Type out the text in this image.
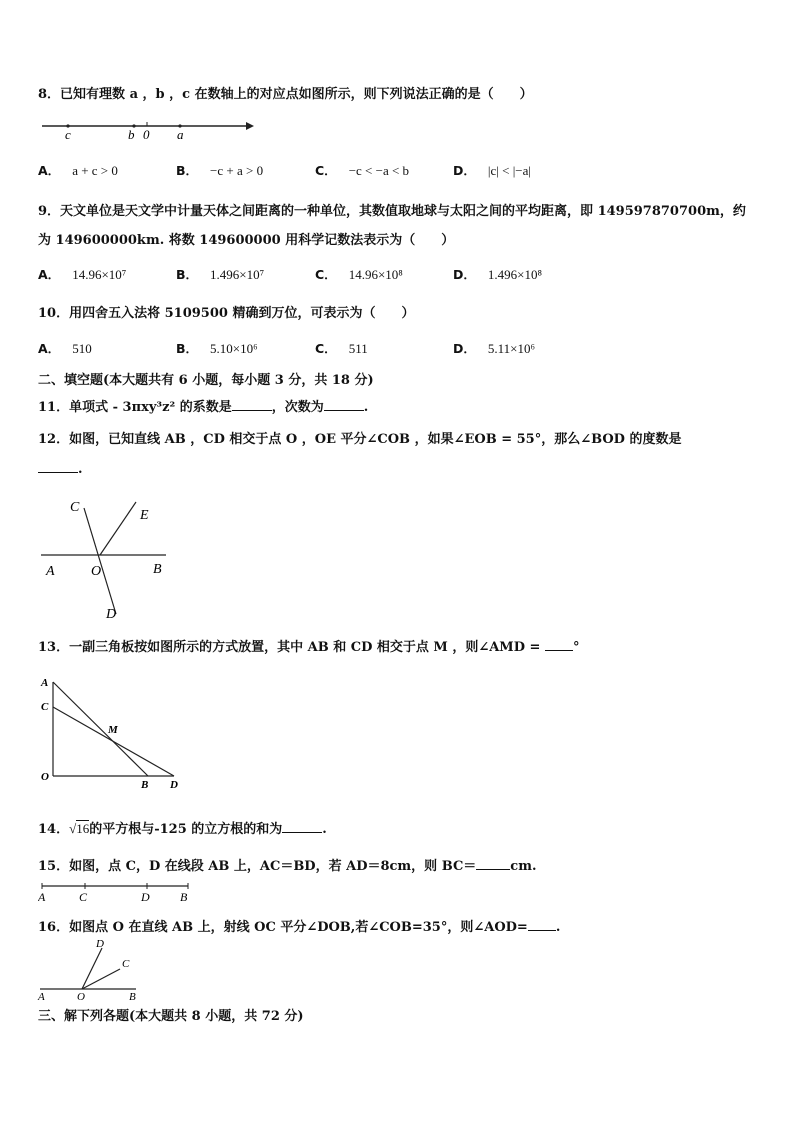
8．已知有理数 a ，b ，c 在数轴上的对应点如图所示，则下列说法正确的是（　　）
c	b 0 a
A． a + c > 0	B． −c + a > 0	C． −c < −a < b	D． |c| < |−a|
9．天文单位是天文学中计量天体之间距离的一种单位，其数值取地球与太阳之间的平均距离，即 149597870700m，约
为 149600000km. 将数 149600000 用科学记数法表示为（　　）
A． 14.96×10⁷	B． 1.496×10⁷	C． 14.96×10⁸	D． 1.496×10⁸
10．用四舍五入法将 5109500 精确到万位，可表示为（　　）
A． 510	B． 5.10×10⁶	C． 511	D． 5.11×10⁶
二、填空题(本大题共有 6 小题，每小题 3 分，共 18 分)
11．单项式 - 3πxy³z² 的系数是	，次数为	.
12．如图，已知直线 AB ，CD 相交于点 O ，OE 平分∠COB ，如果∠EOB = 55°，那么∠BOD 的度数是
.
C
E
A	O	B
D
13．一副三角板按如图所示的方式放置，其中 AB 和 CD 相交于点 M ，则∠AMD =	°
A
C
M
O
B D
14．√16的平方根与-125 的立方根的和为	.
15．如图，点 C，D 在线段 AB 上，AC＝BD，若 AD＝8cm，则 BC＝	cm.
A	C	D	B
16．如图点 O 在直线 AB 上，射线 OC 平分∠DOB,若∠COB=35°，则∠AOD= .
D
C
A	O	B
三、解下列各题(本大题共 8 小题，共 72 分)
